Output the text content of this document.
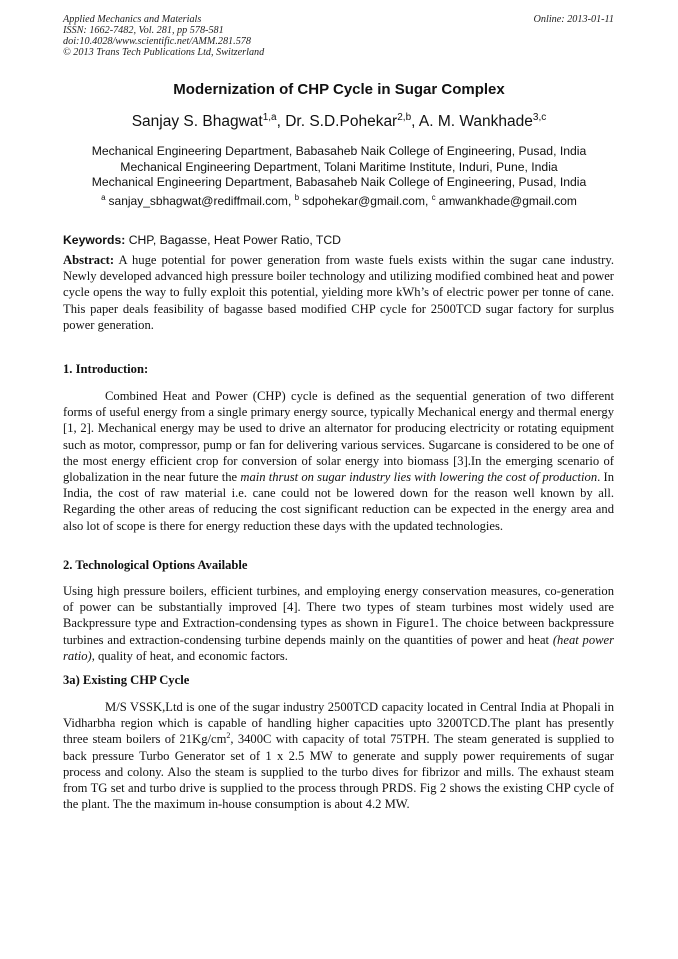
Applied Mechanics and Materials
ISSN: 1662-7482, Vol. 281, pp 578-581
doi:10.4028/www.scientific.net/AMM.281.578
© 2013 Trans Tech Publications Ltd, Switzerland
Online: 2013-01-11
Modernization of CHP Cycle in Sugar Complex
Sanjay S. Bhagwat$^{1,a}$, Dr. S.D.Pohekar$^{2,b}$, A. M. Wankhade$^{3,c}$
Mechanical Engineering Department, Babasaheb Naik College of Engineering, Pusad, India
Mechanical Engineering Department, Tolani Maritime Institute, Induri, Pune, India
Mechanical Engineering Department, Babasaheb Naik College of Engineering, Pusad, India
$^a$ sanjay_sbhagwat@rediffmail.com, $^b$ sdpohekar@gmail.com, $^c$ amwankhade@gmail.com
Keywords: CHP, Bagasse, Heat Power Ratio, TCD
Abstract: A huge potential for power generation from waste fuels exists within the sugar cane industry. Newly developed advanced high pressure boiler technology and utilizing modified combined heat and power cycle opens the way to fully exploit this potential, yielding more kWh’s of electric power per tonne of cane. This paper deals feasibility of bagasse based modified CHP cycle for 2500TCD sugar factory for surplus power generation.
1. Introduction:
Combined Heat and Power (CHP) cycle is defined as the sequential generation of two different forms of useful energy from a single primary energy source, typically Mechanical energy and thermal energy [1, 2]. Mechanical energy may be used to drive an alternator for producing electricity or rotating equipment such as motor, compressor, pump or fan for delivering various services. Sugarcane is considered to be one of the most energy efficient crop for conversion of solar energy into biomass [3].In the emerging scenario of globalization in the near future the main thrust on sugar industry lies with lowering the cost of production. In India, the cost of raw material i.e. cane could not be lowered down for the reason well known by all. Regarding the other areas of reducing the cost significant reduction can be expected in the energy area and also lot of scope is there for energy reduction these days with the updated technologies.
2. Technological Options Available
Using high pressure boilers, efficient turbines, and employing energy conservation measures, co-generation of power can be substantially improved [4]. There two types of steam turbines most widely used are Backpressure type and Extraction-condensing types as shown in Figure1. The choice between backpressure turbines and extraction-condensing turbine depends mainly on the quantities of power and heat (heat power ratio), quality of heat, and economic factors.
3a) Existing CHP Cycle
M/S VSSK,Ltd is one of the sugar industry 2500TCD capacity located in Central India at Phopali in Vidharbha region which is capable of handling higher capacities upto 3200TCD.The plant has presently three steam boilers of $21Kg/cm^2$, 3400C with capacity of total 75TPH. The steam generated is supplied to back pressure Turbo Generator set of 1 x 2.5 MW to generate and supply power requirements of sugar process and colony. Also the steam is supplied to the turbo dives for fibrizor and mills. The exhaust steam from TG set and turbo drive is supplied to the process through PRDS. Fig 2 shows the existing CHP cycle of the plant. The the maximum in-house consumption is about 4.2 MW.
